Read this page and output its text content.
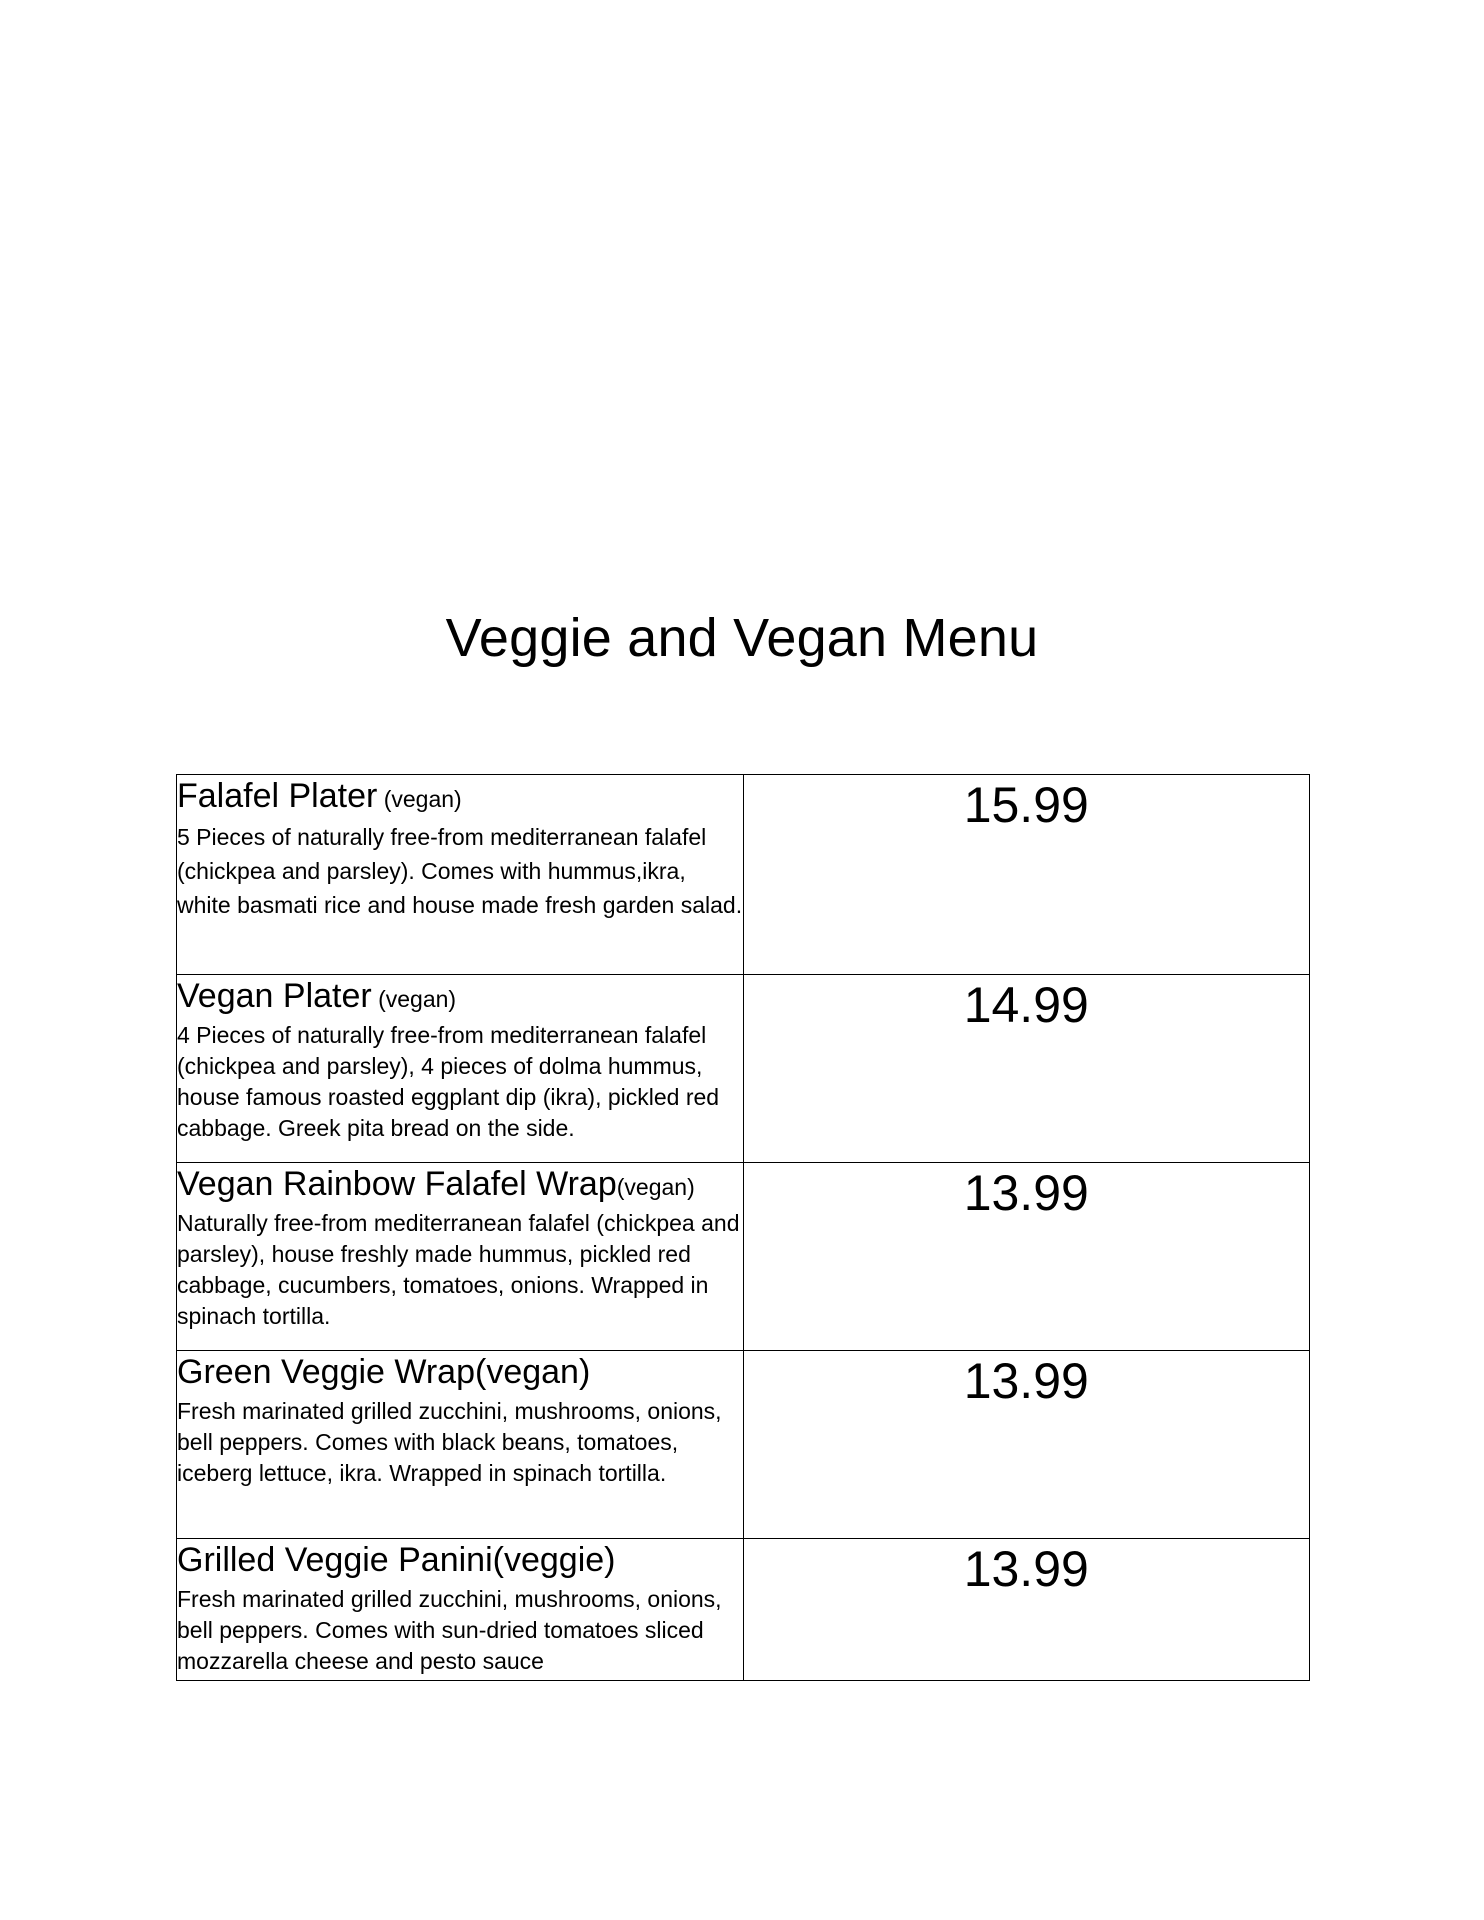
Veggie and Vegan Menu
Falafel Plater (vegan)
5 Pieces of naturally free-from mediterranean falafel (chickpea and parsley). Comes with hummus,ikra, white basmati rice and house made fresh garden salad.	15.99

Vegan Plater (vegan)
4 Pieces of naturally free-from mediterranean falafel (chickpea and parsley), 4 pieces of dolma hummus, house famous roasted eggplant dip (ikra), pickled red cabbage. Greek pita bread on the side.	14.99

Vegan Rainbow Falafel Wrap(vegan)
Naturally free-from mediterranean falafel (chickpea and parsley), house freshly made hummus, pickled red cabbage, cucumbers, tomatoes, onions. Wrapped in spinach tortilla.	13.99

Green Veggie Wrap(vegan)
Fresh marinated grilled zucchini, mushrooms, onions, bell peppers. Comes with black beans, tomatoes, iceberg lettuce, ikra. Wrapped in spinach tortilla.	13.99

Grilled Veggie Panini(veggie)
Fresh marinated grilled zucchini, mushrooms, onions, bell peppers. Comes with sun-dried tomatoes sliced mozzarella cheese and pesto sauce	13.99
